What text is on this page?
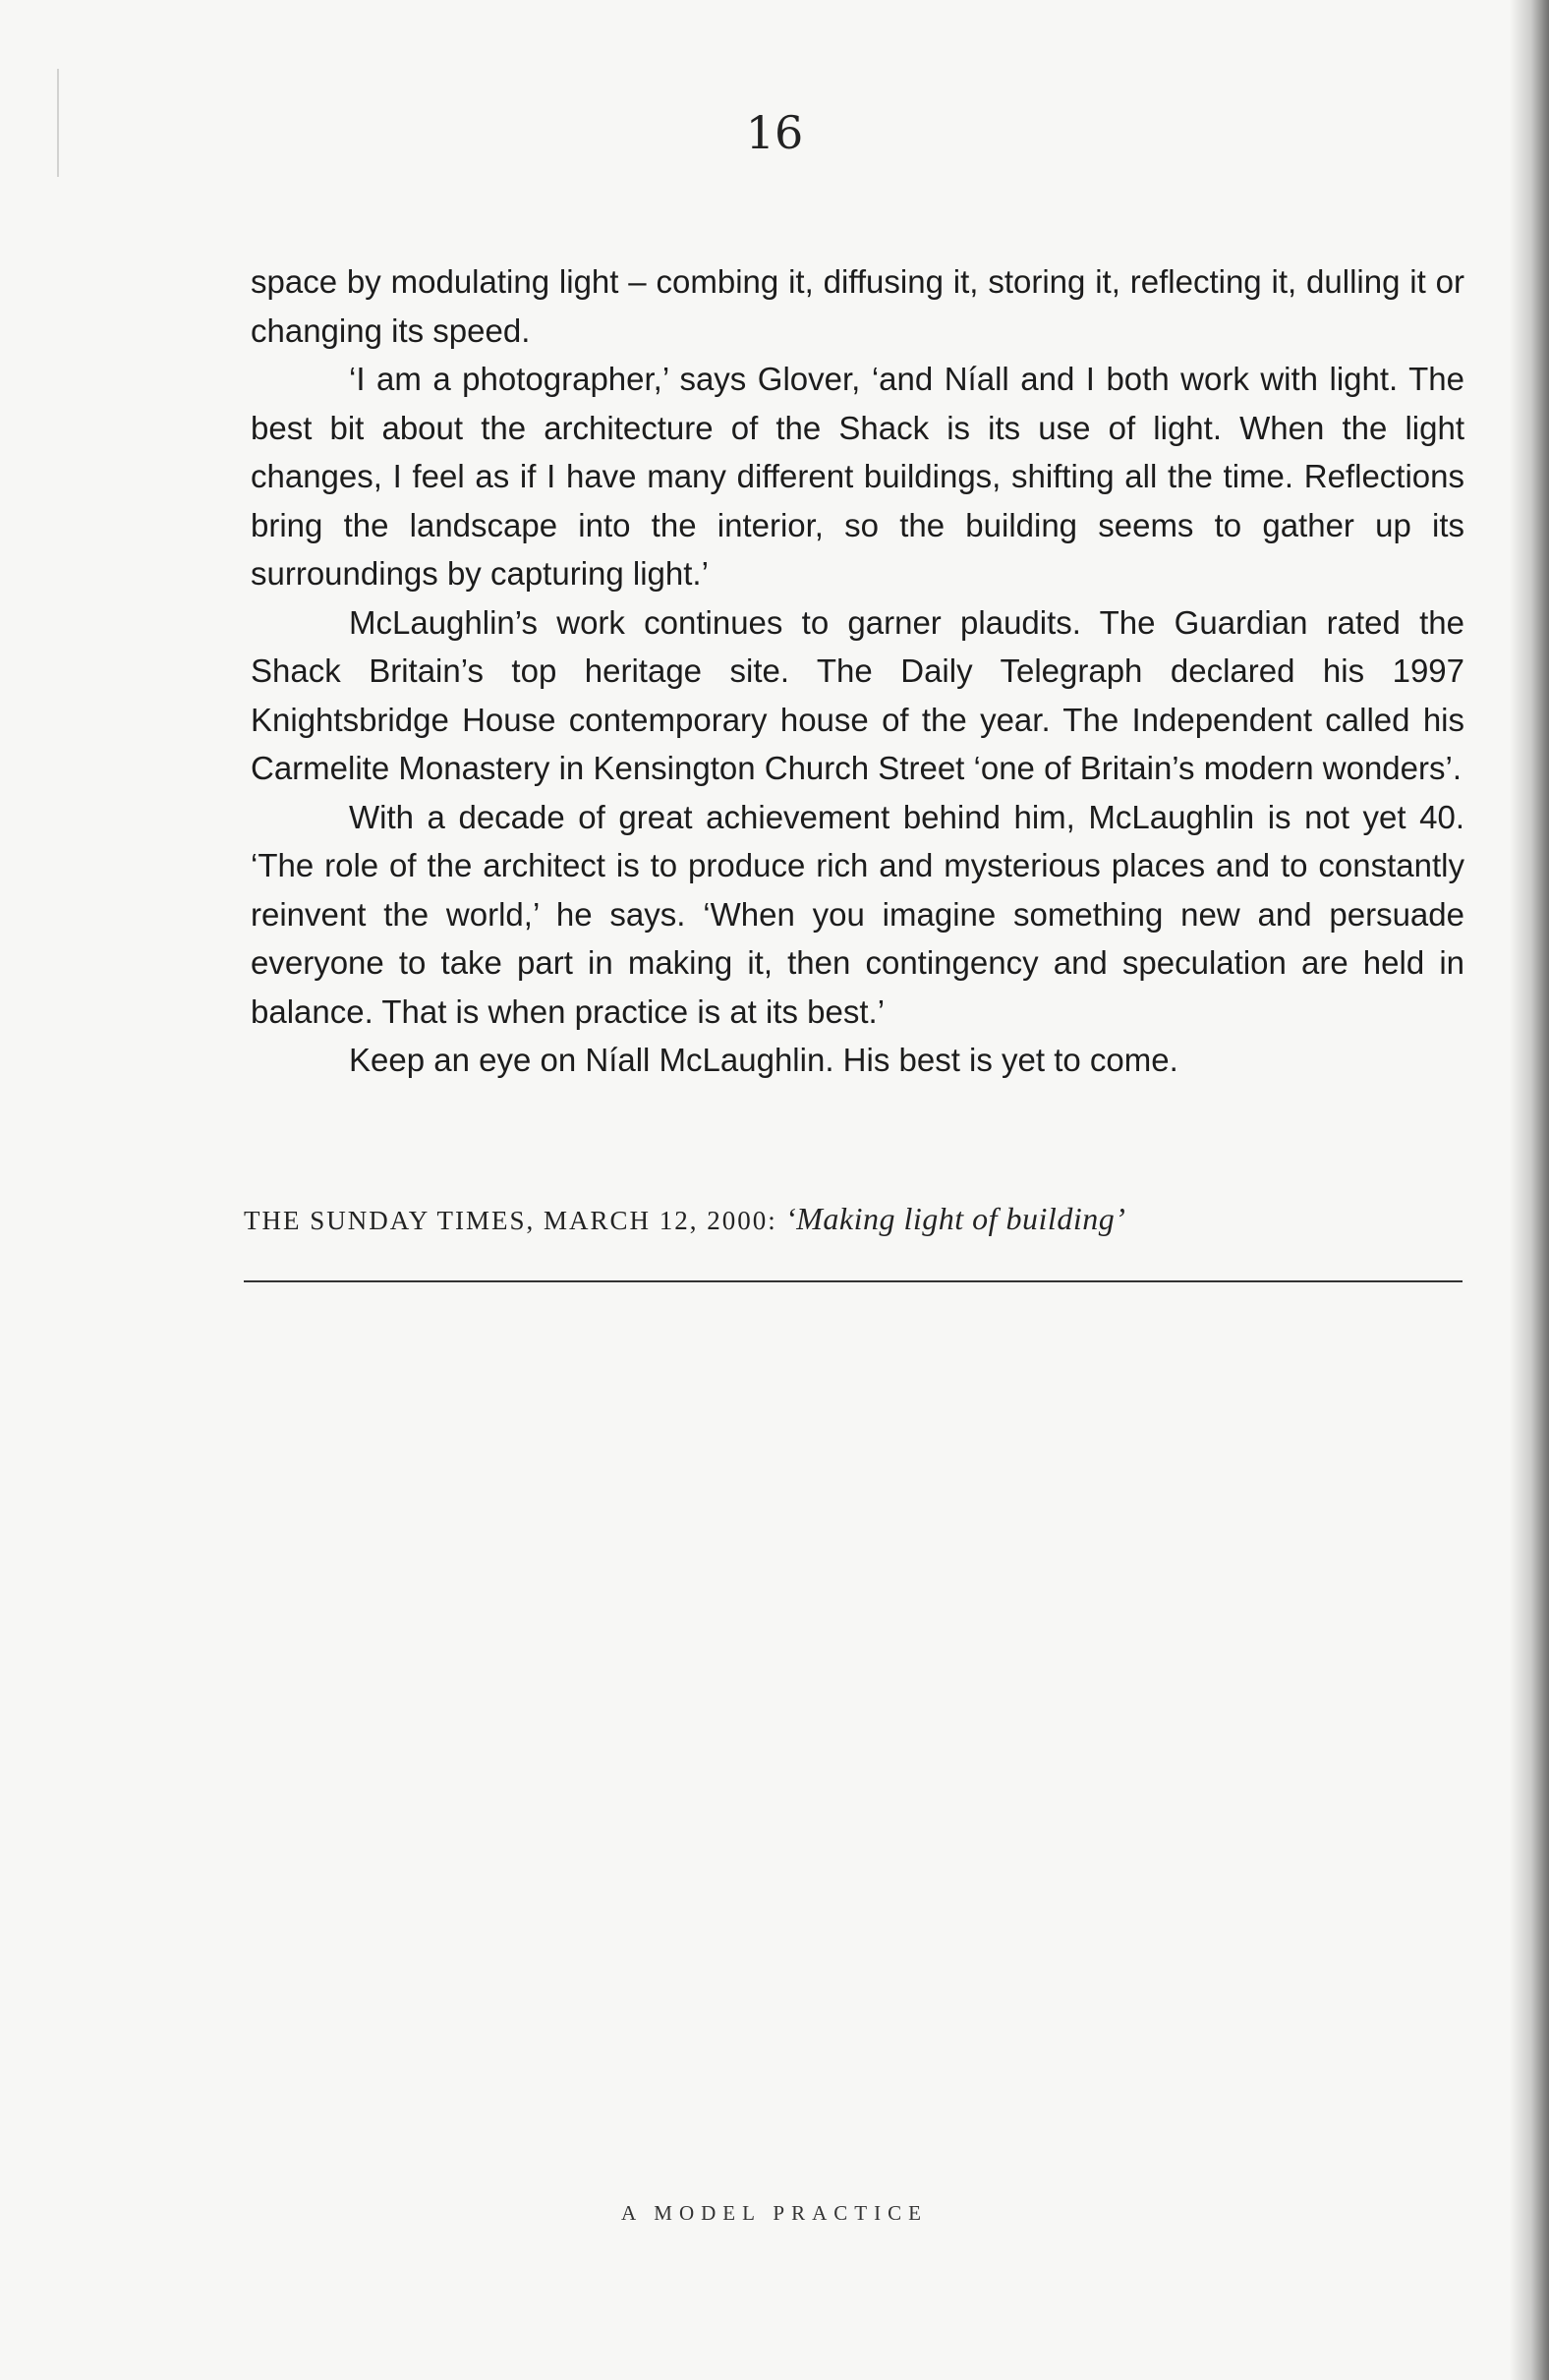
16

space by modulating light – combing it, diffusing it, storing it, reflecting it, dulling it or changing its speed.

‘I am a photographer,’ says Glover, ‘and Níall and I both work with light. The best bit about the architecture of the Shack is its use of light. When the light changes, I feel as if I have many different buildings, shifting all the time. Reflections bring the landscape into the interior, so the building seems to gather up its surroundings by capturing light.’

McLaughlin’s work continues to garner plaudits. The Guardian rated the Shack Britain’s top heritage site. The Daily Telegraph declared his 1997 Knightsbridge House contemporary house of the year. The Independent called his Carmelite Monastery in Kensington Church Street ‘one of Britain’s modern wonders’.

With a decade of great achievement behind him, McLaughlin is not yet 40. ‘The role of the architect is to produce rich and mysterious places and to constantly reinvent the world,’ he says. ‘When you imagine something new and persuade everyone to take part in making it, then contingency and speculation are held in balance. That is when practice is at its best.’

Keep an eye on Níall McLaughlin. His best is yet to come.

THE SUNDAY TIMES, MARCH 12, 2000: ‘Making light of building’
A MODEL PRACTICE
